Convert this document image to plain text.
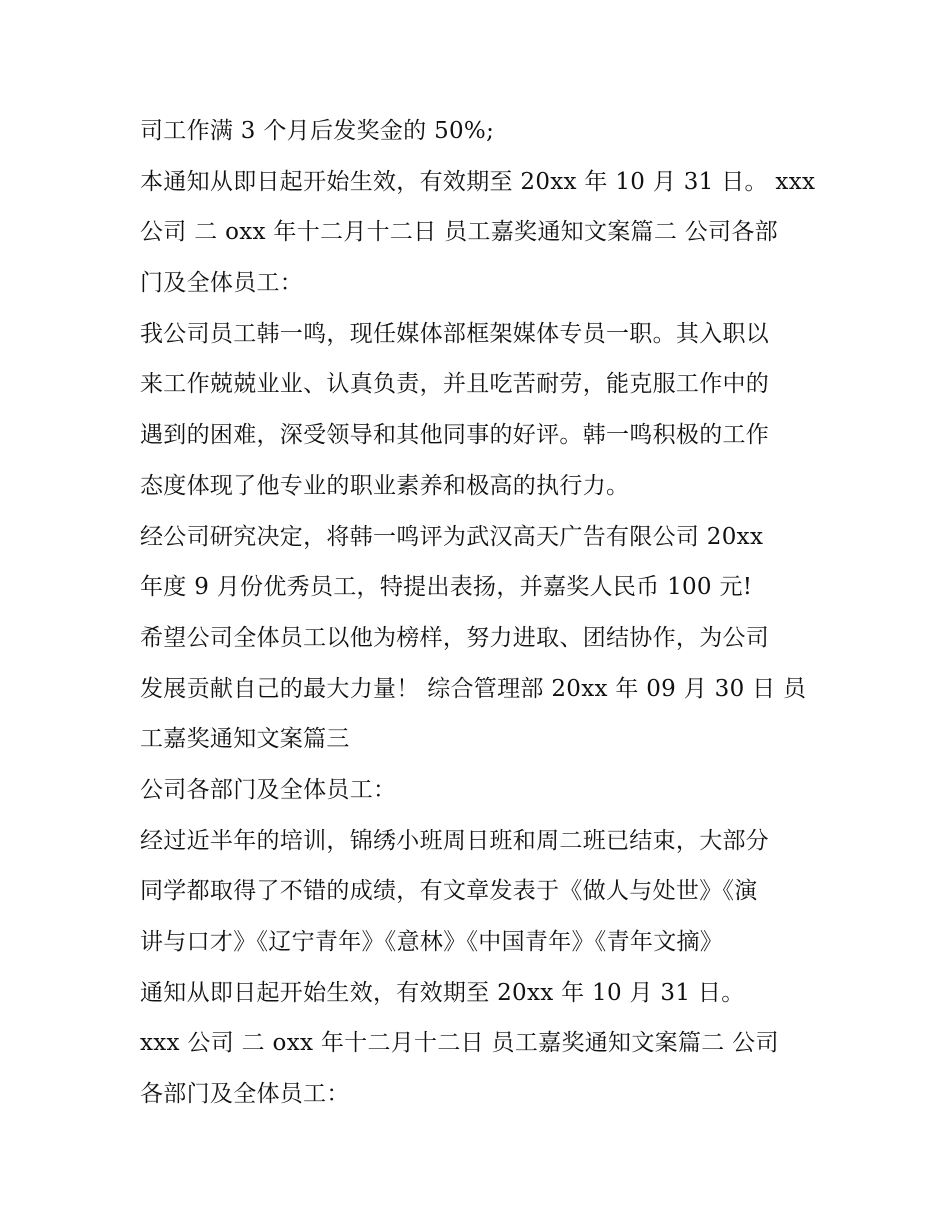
司工作满 3 个月后发奖金的 50%;
本通知从即日起开始生效，有效期至 20xx 年 10 月 31 日。 xxx
公司 二 oxx 年十二月十二日 员工嘉奖通知文案篇二 公司各部
门及全体员工：
我公司员工韩一鸣，现任媒体部框架媒体专员一职。其入职以
来工作兢兢业业、认真负责，并且吃苦耐劳，能克服工作中的
遇到的困难，深受领导和其他同事的好评。韩一鸣积极的工作
态度体现了他专业的职业素养和极高的执行力。
经公司研究决定，将韩一鸣评为武汉高天广告有限公司 20xx
年度 9 月份优秀员工，特提出表扬，并嘉奖人民币 100 元!
希望公司全体员工以他为榜样，努力进取、团结协作，为公司
发展贡献自己的最大力量！ 综合管理部 20xx 年 09 月 30 日 员
工嘉奖通知文案篇三
公司各部门及全体员工：
经过近半年的培训，锦绣小班周日班和周二班已结束，大部分
同学都取得了不错的成绩，有文章发表于《做人与处世》《演
讲与口才》《辽宁青年》《意林》《中国青年》《青年文摘》
通知从即日起开始生效，有效期至 20xx 年 10 月 31 日。
xxx 公司 二 oxx 年十二月十二日 员工嘉奖通知文案篇二 公司
各部门及全体员工：
